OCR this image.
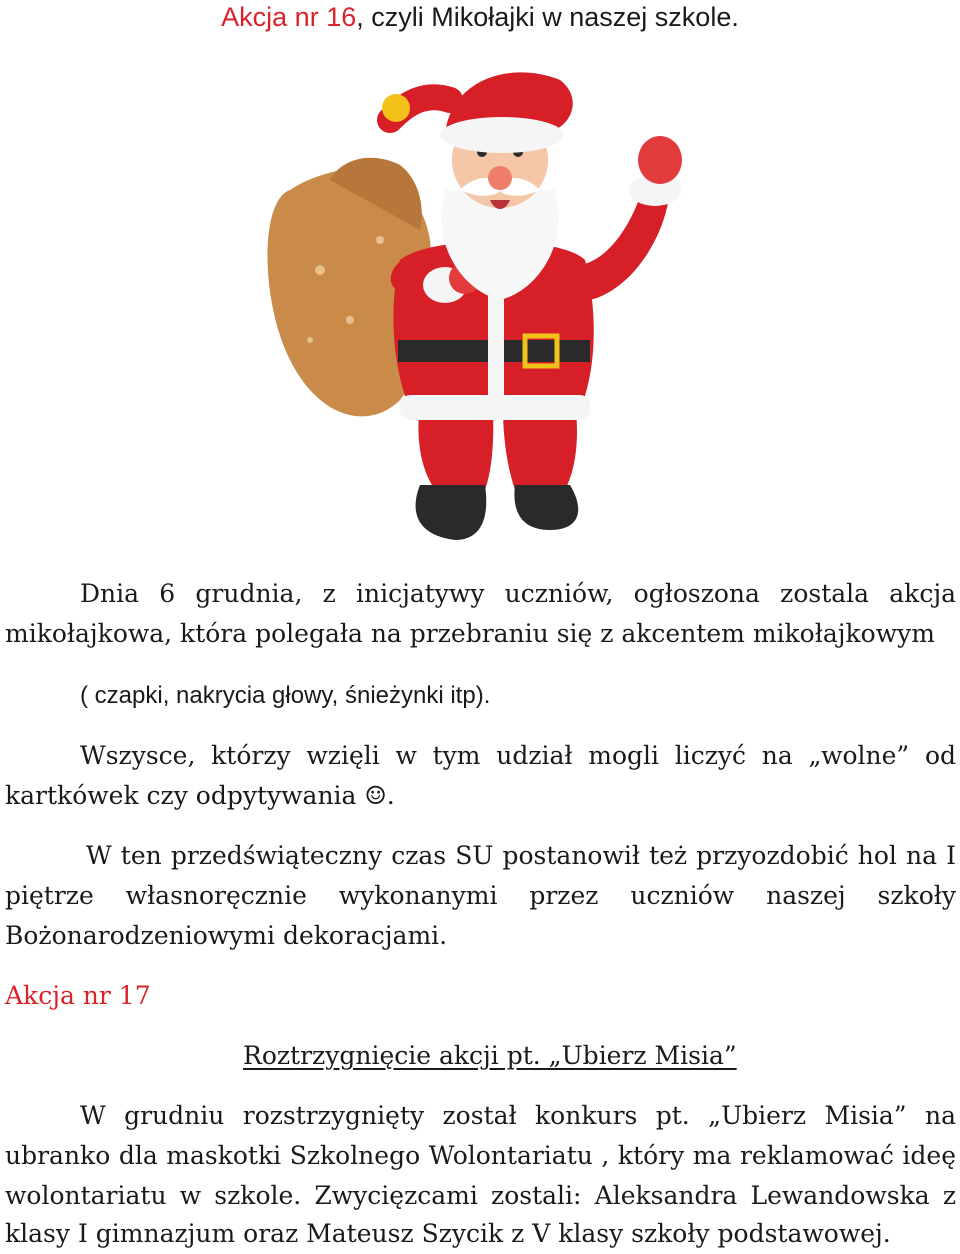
Akcja nr 16, czyli Mikołajki w naszej szkole.
Dnia 6 grudnia, z inicjatywy uczniów, ogłoszona zostala akcja
mikołajkowa, która polegała na przebraniu się z akcentem mikołajkowym
( czapki, nakrycia głowy, śnieżynki itp).
Wszysce, którzy wzięli w tym udział mogli liczyć na „wolne” od
kartkówek czy odpytywania ☺.
W ten przedświąteczny czas SU postanowił też przyozdobić hol na I
piętrze własnoręcznie wykonanymi przez uczniów naszej szkoły
Bożonarodzeniowymi dekoracjami.
Akcja nr 17
Roztrzygnięcie akcji pt. „Ubierz Misia”
W grudniu rozstrzygnięty został konkurs pt. „Ubierz Misia” na
ubranko dla maskotki Szkolnego Wolontariatu , który ma reklamować ideę
wolontariatu w szkole. Zwycięzcami zostali: Aleksandra Lewandowska z
klasy I gimnazjum oraz Mateusz Szycik z V klasy szkoły podstawowej.
